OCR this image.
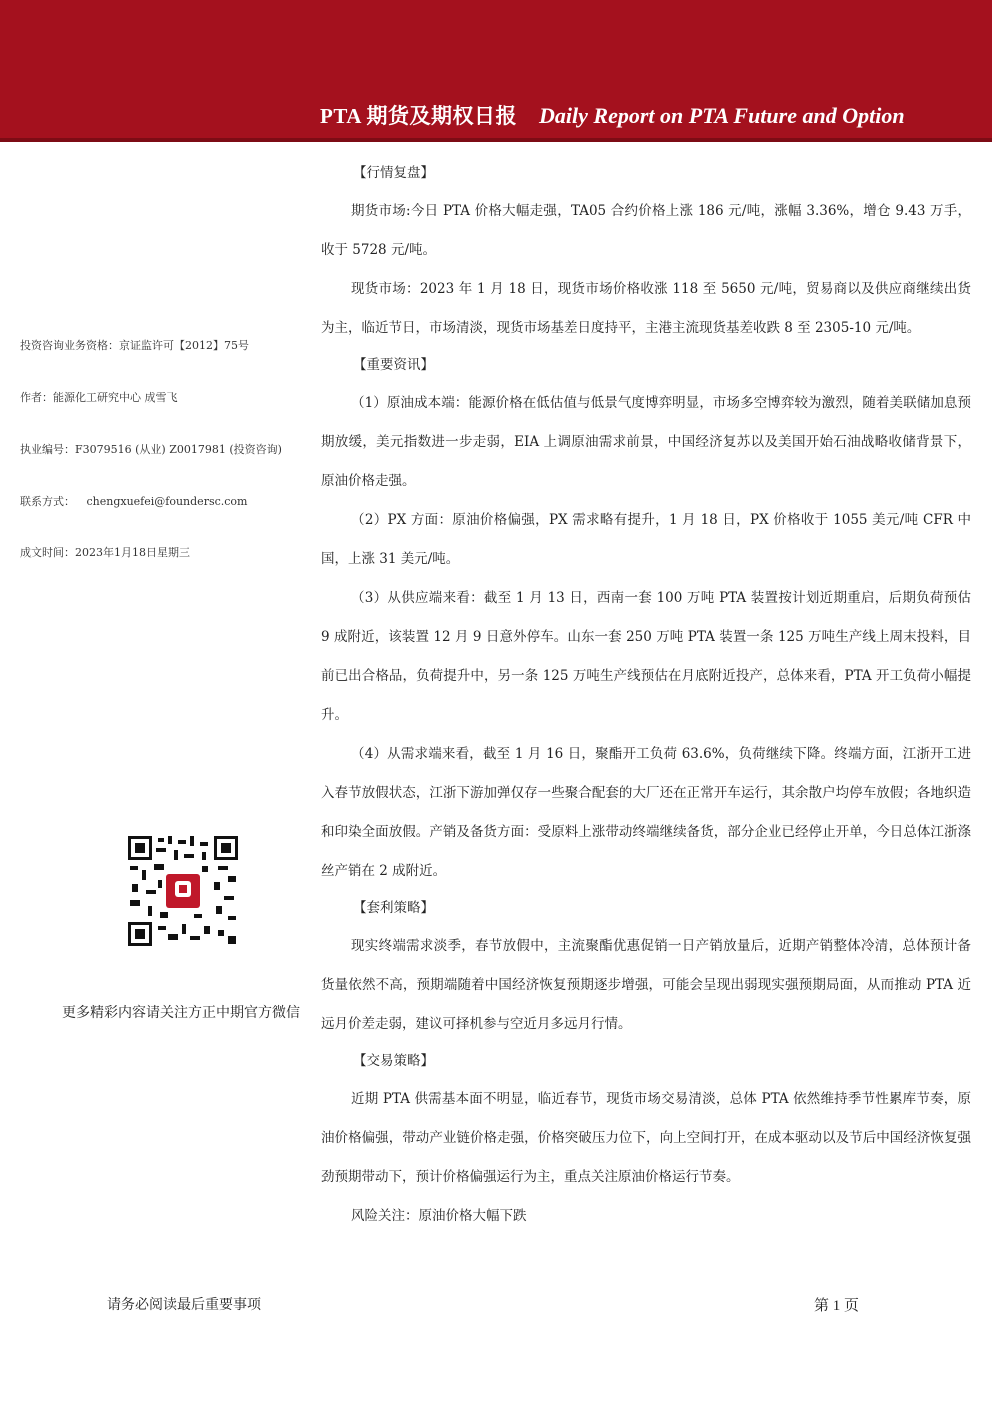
PTA 期货及期权日报 Daily Report on PTA Future and Option
投资咨询业务资格：京证监许可【2012】75号
作者：能源化工研究中心 成雪飞
执业编号：F3079516 (从业) Z0017981 (投资咨询)
联系方式： chengxuefei@foundersc.com
成文时间：2023年1月18日星期三
更多精彩内容请关注方正中期官方微信
【行情复盘】

期货市场:今日 PTA 价格大幅走强，TA05 合约价格上涨 186 元/吨，涨幅 3.36%，增仓 9.43 万手，收于 5728 元/吨。

现货市场：2023 年 1 月 18 日，现货市场价格收涨 118 至 5650 元/吨，贸易商以及供应商继续出货为主，临近节日，市场清淡，现货市场基差日度持平，主港主流现货基差收跌 8 至 2305-10 元/吨。

【重要资讯】

（1）原油成本端：能源价格在低估值与低景气度博弈明显，市场多空博弈较为激烈，随着美联储加息预期放缓，美元指数进一步走弱，EIA 上调原油需求前景，中国经济复苏以及美国开始石油战略收储背景下，原油价格走强。

（2）PX 方面：原油价格偏强，PX 需求略有提升，1 月 18 日，PX 价格收于 1055 美元/吨 CFR 中国，上涨 31 美元/吨。

（3）从供应端来看：截至 1 月 13 日，西南一套 100 万吨 PTA 装置按计划近期重启，后期负荷预估 9 成附近，该装置 12 月 9 日意外停车。山东一套 250 万吨 PTA 装置一条 125 万吨生产线上周末投料，目前已出合格品，负荷提升中，另一条 125 万吨生产线预估在月底附近投产，总体来看，PTA 开工负荷小幅提升。

（4）从需求端来看，截至 1 月 16 日，聚酯开工负荷 63.6%，负荷继续下降。终端方面，江浙开工进入春节放假状态，江浙下游加弹仅存一些聚合配套的大厂还在正常开车运行，其余散户均停车放假；各地织造和印染全面放假。产销及备货方面：受原料上涨带动终端继续备货，部分企业已经停止开单，今日总体江浙涤丝产销在 2 成附近。

【套利策略】

现实终端需求淡季，春节放假中，主流聚酯优惠促销一日产销放量后，近期产销整体冷清，总体预计备货量依然不高，预期端随着中国经济恢复预期逐步增强，可能会呈现出弱现实强预期局面，从而推动 PTA 近远月价差走弱，建议可择机参与空近月多远月行情。

【交易策略】

近期 PTA 供需基本面不明显，临近春节，现货市场交易清淡，总体 PTA 依然维持季节性累库节奏，原油价格偏强，带动产业链价格走强，价格突破压力位下，向上空间打开，在成本驱动以及节后中国经济恢复强劲预期带动下，预计价格偏强运行为主，重点关注原油价格运行节奏。

风险关注：原油价格大幅下跌

请务必阅读最后重要事项	第 1 页
